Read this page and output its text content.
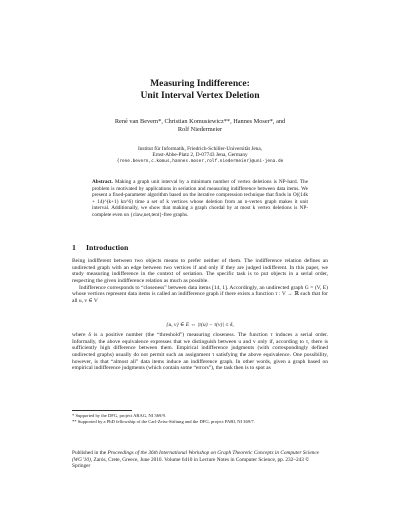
Measuring Indifference:
Unit Interval Vertex Deletion
René van Bevern*, Christian Komusiewicz**, Hannes Moser*, and
Rolf Niedermeier
Institut für Informatik, Friedrich-Schiller-Universität Jena,
Ernst-Abbe-Platz 2, D-07743 Jena, Germany
{rene.bevern,c.komus,hannes.moser,rolf.niedermeier}@uni-jena.de
Abstract. Making a graph unit interval by a minimum number of vertex deletions is NP-hard. The problem is motivated by applications in seriation and measuring indifference between data items. We present a fixed-parameter algorithm based on the iterative compression technique that finds in O((14k + 14)^(k+1) kn^6) time a set of k vertices whose deletion from an n-vertex graph makes it unit interval. Additionally, we show that making a graph chordal by at most k vertex deletions is NP-complete even on {claw,net,tent}-free graphs.
1 Introduction

Being indifferent between two objects means to prefer neither of them. The indifference relation defines an undirected graph with an edge between two vertices if and only if they are judged indifferent. In this paper, we study measuring indifference in the context of seriation. The specific task is to put objects in a serial order, respecting the given indifference relation as much as possible.

Indifference corresponds to “closeness” between data items [14, 1]. Accordingly, an undirected graph G = (V, E) whose vertices represent data items is called an indifference graph if there exists a function τ : V → ℝ such that for all u, v ∈ V

{u, v} ∈ E ⇔ |τ(u) − τ(v)| ≤ δ,

where δ is a positive number (the “threshold”) measuring closeness. The function τ induces a serial order. Informally, the above equivalence expresses that we distinguish between u and v only if, according to τ, there is sufficiently high difference between them. Empirical indifference judgments (with correspondingly defined undirected graphs) usually do not permit such an assignment τ satisfying the above equivalence. One possibility, however, is that “almost all” data items induce an indifference graph. In other words, given a graph based on empirical indifference judgments (which contain some “errors”), the task then is to spot as

* Supported by the DFG, project ARAG, NI 369/9.
** Supported by a PhD fellowship of the Carl-Zeiss-Stiftung and the DFG, project PABI, NI 369/7.
Published in the Proceedings of the 36th International Workshop on Graph Theoretic Concepts in Computer Science (WG’10), Zarós, Crete, Greece, June 2010. Volume 6410 in Lecture Notes in Computer Science, pp. 232–243 © Springer
